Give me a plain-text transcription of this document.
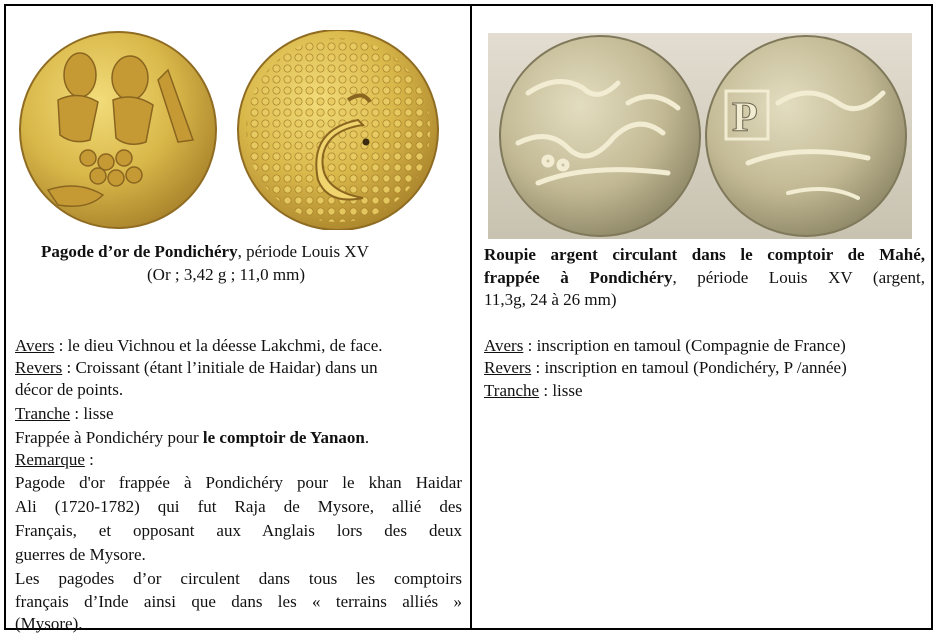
Pagode d’or de Pondichéry, période Louis XV
(Or ; 3,42 g ; 11,0 mm)
Avers : le dieu Vichnou et la déesse Lakchmi, de face.
Revers : Croissant (étant l’initiale de Haidar) dans un
décor de points.
Tranche : lisse
Frappée à Pondichéry pour le comptoir de Yanaon.
Remarque :
Pagode d'or frappée à Pondichéry pour le khan Haidar
Ali (1720-1782) qui fut Raja de Mysore, allié des
Français, et opposant aux Anglais lors des deux
guerres de Mysore.
Les pagodes d’or circulent dans tous les comptoirs
français d’Inde ainsi que dans les « terrains alliés »
(Mysore).
P
Roupie argent circulant dans le comptoir de Mahé,
frappée à Pondichéry, période Louis XV (argent,
11,3g, 24 à 26 mm)
Avers : inscription en tamoul (Compagnie de France)
Revers : inscription en tamoul (Pondichéry, P /année)
Tranche : lisse
